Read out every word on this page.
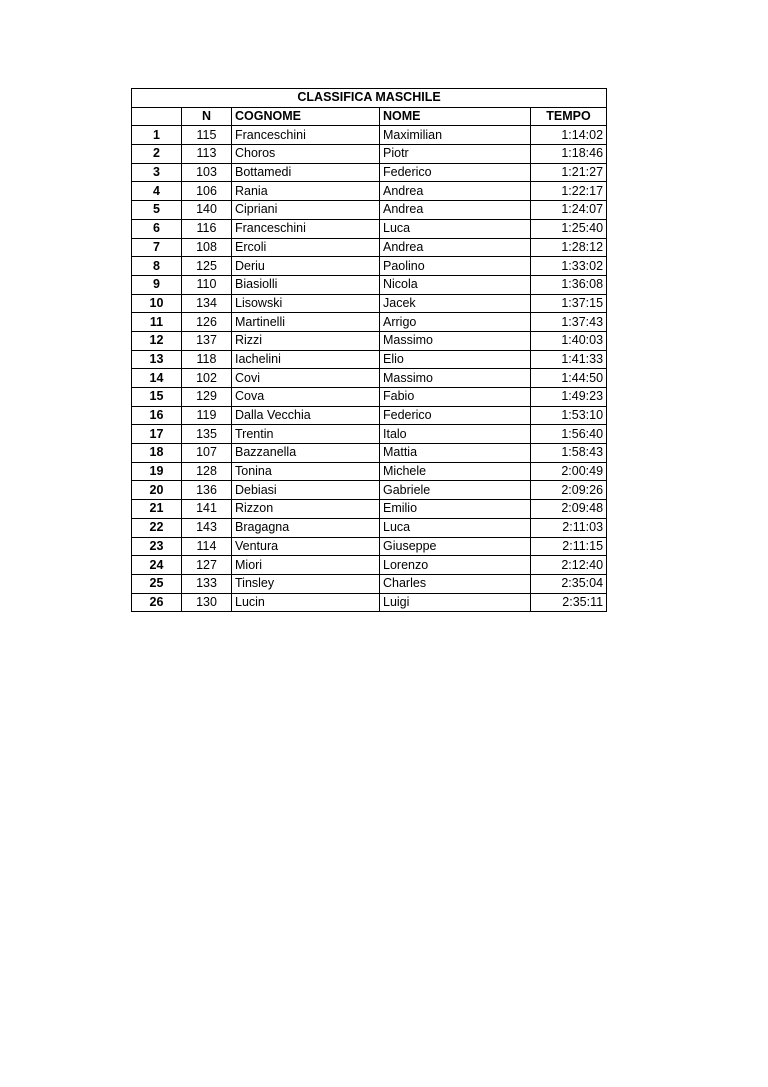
CLASSIFICA MASCHILE				
	N	COGNOME	NOME	TEMPO
1	115	Franceschini	Maximilian	1:14:02
2	113	Choros	Piotr	1:18:46
3	103	Bottamedi	Federico	1:21:27
4	106	Rania	Andrea	1:22:17
5	140	Cipriani	Andrea	1:24:07
6	116	Franceschini	Luca	1:25:40
7	108	Ercoli	Andrea	1:28:12
8	125	Deriu	Paolino	1:33:02
9	110	Biasiolli	Nicola	1:36:08
10	134	Lisowski	Jacek	1:37:15
11	126	Martinelli	Arrigo	1:37:43
12	137	Rizzi	Massimo	1:40:03
13	118	Iachelini	Elio	1:41:33
14	102	Covi	Massimo	1:44:50
15	129	Cova	Fabio	1:49:23
16	119	Dalla Vecchia	Federico	1:53:10
17	135	Trentin	Italo	1:56:40
18	107	Bazzanella	Mattia	1:58:43
19	128	Tonina	Michele	2:00:49
20	136	Debiasi	Gabriele	2:09:26
21	141	Rizzon	Emilio	2:09:48
22	143	Bragagna	Luca	2:11:03
23	114	Ventura	Giuseppe	2:11:15
24	127	Miori	Lorenzo	2:12:40
25	133	Tinsley	Charles	2:35:04
26	130	Lucin	Luigi	2:35:11
